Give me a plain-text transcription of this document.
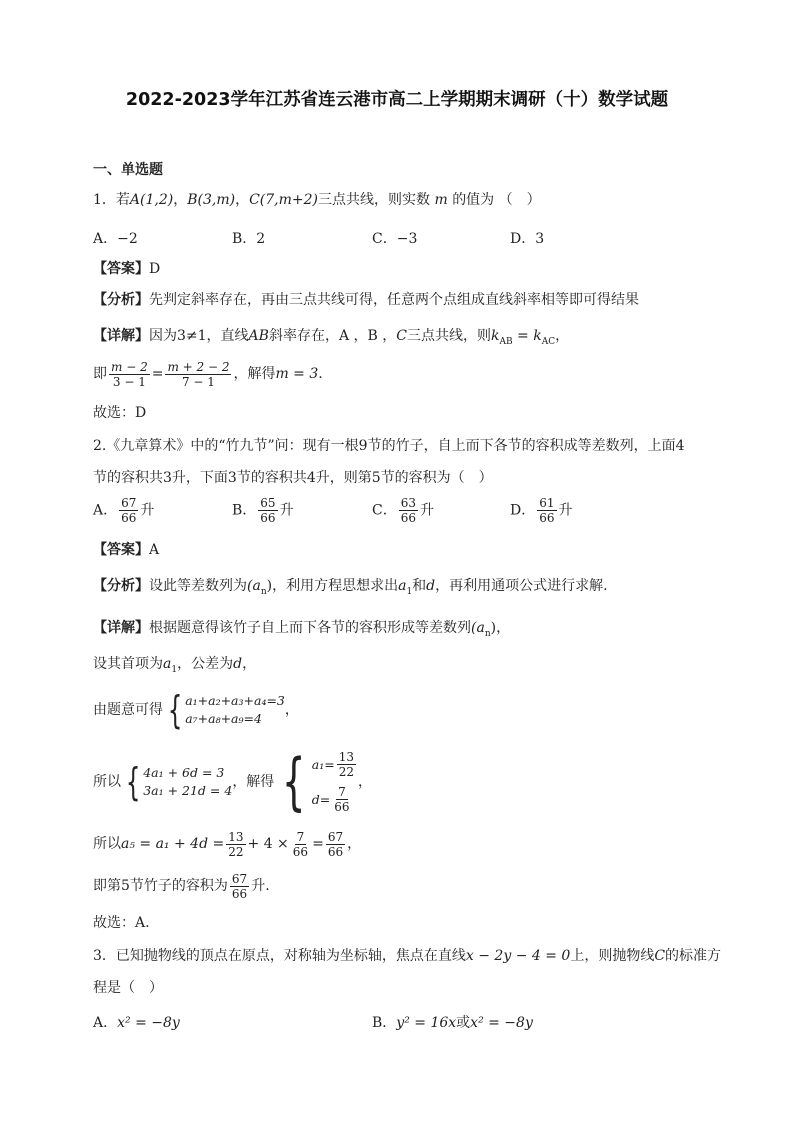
2022-2023学年江苏省连云港市高二上学期期末调研（十）数学试题
一、单选题
1．若A(1,2)，B(3,m)，C(7,m+2)三点共线，则实数 m 的值为 （　）
A．−2	B．2	C．−3	D．3
【答案】D
【分析】先判定斜率存在，再由三点共线可得，任意两个点组成直线斜率相等即可得结果
【详解】因为3≠1，直线AB斜率存在，A ，B ，C三点共线，则$k_{AB} = k_{AC}$，
即 $\frac{m - 2}{3 - 1} = \frac{m + 2 - 2}{7 - 1}$ ，解得m = 3.
故选：D
2.《九章算术》中的“竹九节”问：现有一根9节的竹子，自上而下各节的容积成等差数列，上面4
节的容积共3升，下面3节的容积共4升，则第5节的容积为（　）
A． $\frac{67}{66}$ 升	B． $\frac{65}{66}$ 升	C． $\frac{63}{66}$ 升	D． $\frac{61}{66}$ 升
【答案】A
【分析】设此等差数列为$(a_n)$，利用方程思想求出$a_1$和d，再利用通项公式进行求解.
【详解】根据题意得该竹子自上而下各节的容积形成等差数列$(a_n)$，
设其首项为$a_1$，公差为d，
由题意可得 { a₁+a₂+a₃+a₄=3
a₇+a₈+a₉=4
，
所以 { 4a₁ + 6d = 3
3a₁ + 21d = 4
，解得 { $a_1= \frac{13}{22}$
$d= \frac{7}{66}$
，
所以$a_5 = a_1 + 4d = \frac{13}{22} + 4 \times \frac{7}{66} = \frac{67}{66}$ ，
即第5节竹子的容积为 $\frac{67}{66}$ 升.
故选：A.
3．已知抛物线的顶点在原点，对称轴为坐标轴，焦点在直线x − 2y − 4 = 0上，则抛物线C的标准方
程是（　）
A．x² = −8y	B．y² = 16x或x² = −8y
